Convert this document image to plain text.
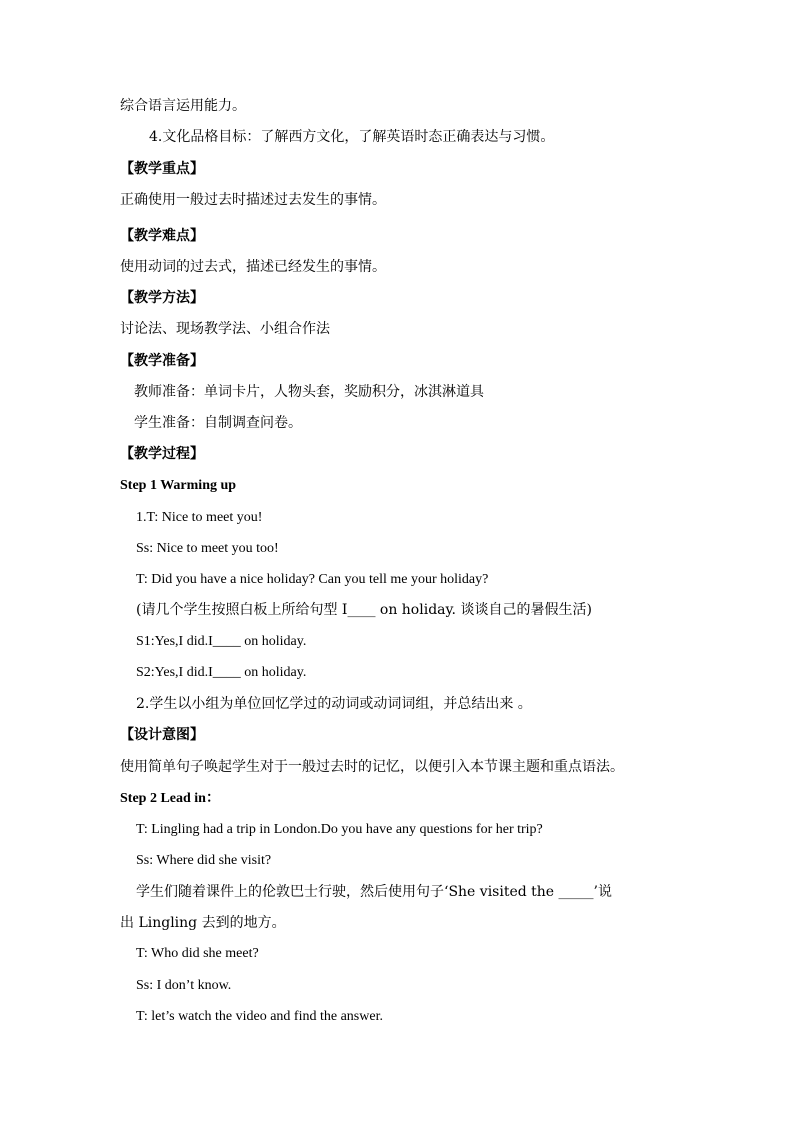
综合语言运用能力。
4.文化品格目标：了解西方文化，了解英语时态正确表达与习惯。
【教学重点】
正确使用一般过去时描述过去发生的事情。
【教学难点】
使用动词的过去式，描述已经发生的事情。
【教学方法】
讨论法、现场教学法、小组合作法
【教学准备】
教师准备：单词卡片，人物头套，奖励积分，冰淇淋道具
学生准备：自制调查问卷。
【教学过程】
Step 1 Warming up
1.T: Nice to meet you!
Ss: Nice to meet you too!
T: Did you have a nice holiday? Can you tell me your holiday?
(请几个学生按照白板上所给句型 I____ on holiday. 谈谈自己的暑假生活)
S1:Yes,I did.I____ on holiday.
S2:Yes,I did.I____ on holiday.
2.学生以小组为单位回忆学过的动词或动词词组，并总结出来 。
【设计意图】
使用简单句子唤起学生对于一般过去时的记忆，以便引入本节课主题和重点语法。
Step 2 Lead in：
T: Lingling had a trip in London.Do you have any questions for her trip?
Ss: Where did she visit?
学生们随着课件上的伦敦巴士行驶，然后使用句子‘She visited the _____’说
出 Lingling 去到的地方。
T: Who did she meet?
Ss: I don’t know.
T: let’s watch the video and find the answer.
